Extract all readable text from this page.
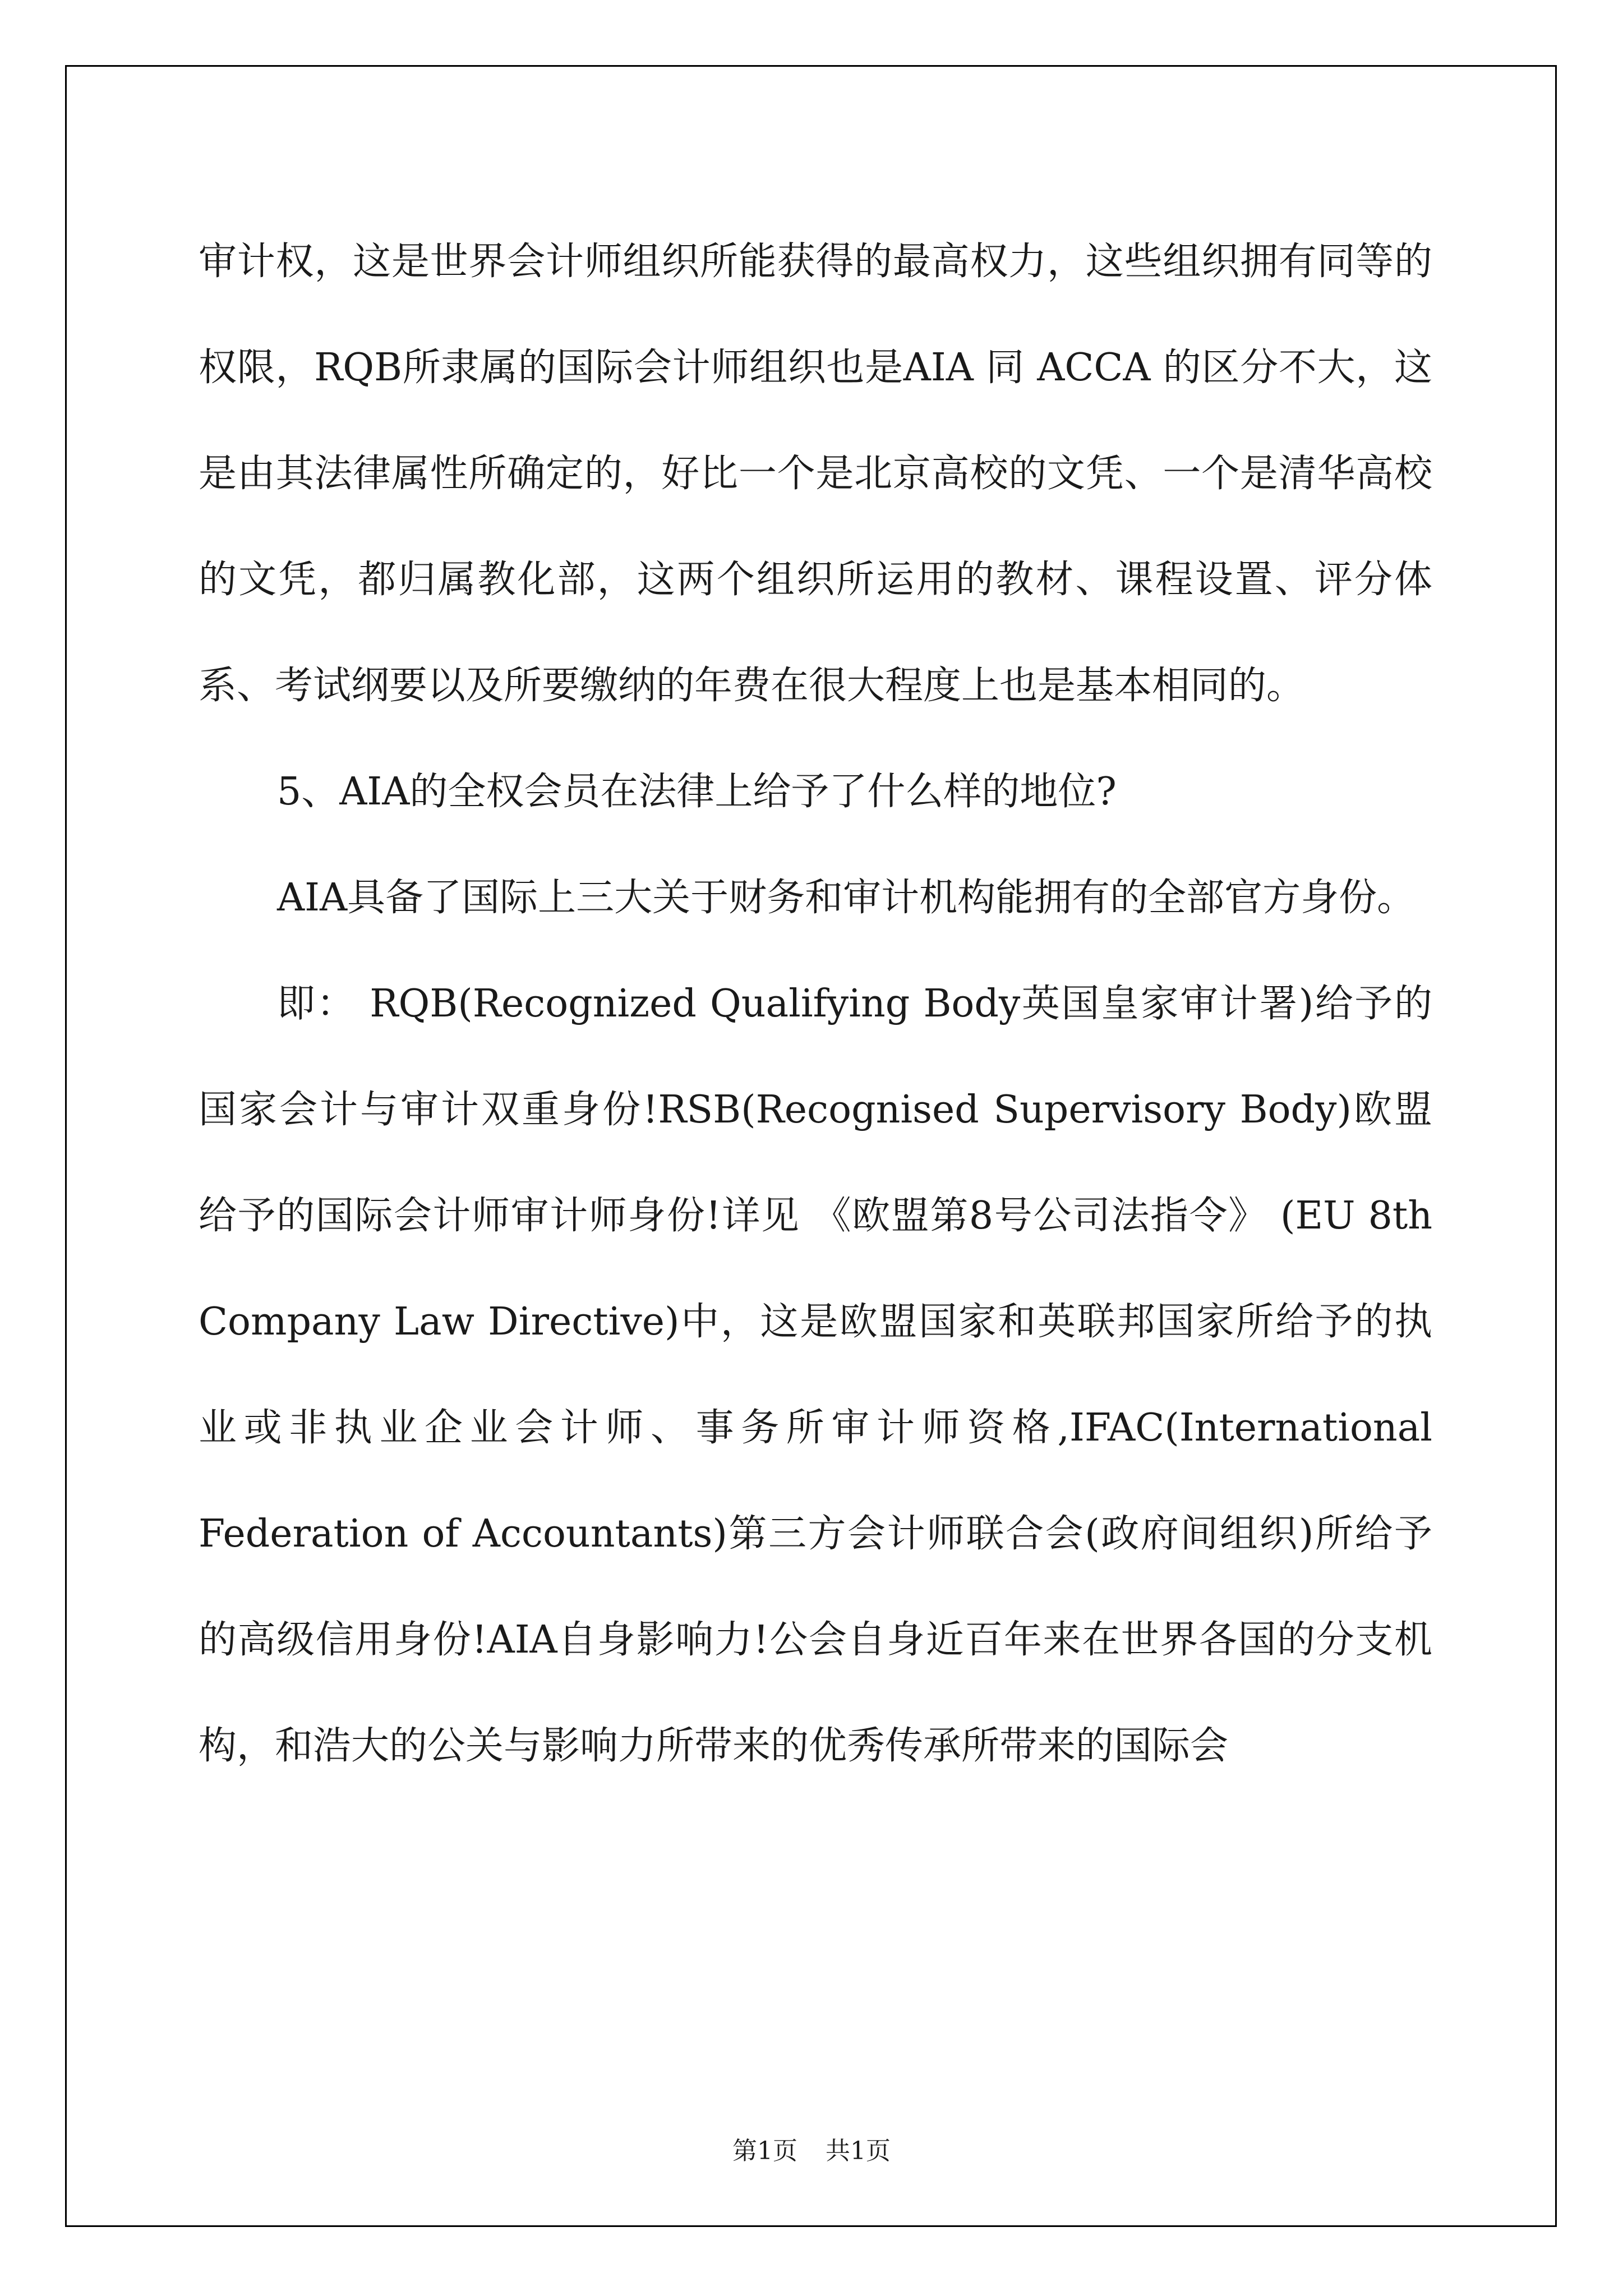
审计权，这是世界会计师组织所能获得的最高权力，这些组织拥有同等的权限，RQB所隶属的国际会计师组织也是AIA 同 ACCA 的区分不大，这是由其法律属性所确定的，好比一个是北京高校的文凭、一个是清华高校的文凭，都归属教化部，这两个组织所运用的教材、课程设置、评分体系、考试纲要以及所要缴纳的年费在很大程度上也是基本相同的。

5、AIA的全权会员在法律上给予了什么样的地位?

AIA具备了国际上三大关于财务和审计机构能拥有的全部官方身份。

即： RQB(Recognized Qualifying Body英国皇家审计署)给予的国家会计与审计双重身份!RSB(Recognised Supervisory Body)欧盟给予的国际会计师审计师身份!详见 《欧盟第8号公司法指令》 (EU 8th Company Law Directive)中，这是欧盟国家和英联邦国家所给予的执业或非执业企业会计师、事务所审计师资格,IFAC(International Federation of Accountants)第三方会计师联合会(政府间组织)所给予的高级信用身份!AIA自身影响力!公会自身近百年来在世界各国的分支机构，和浩大的公关与影响力所带来的优秀传承所带来的国际会

第1页 共1页
